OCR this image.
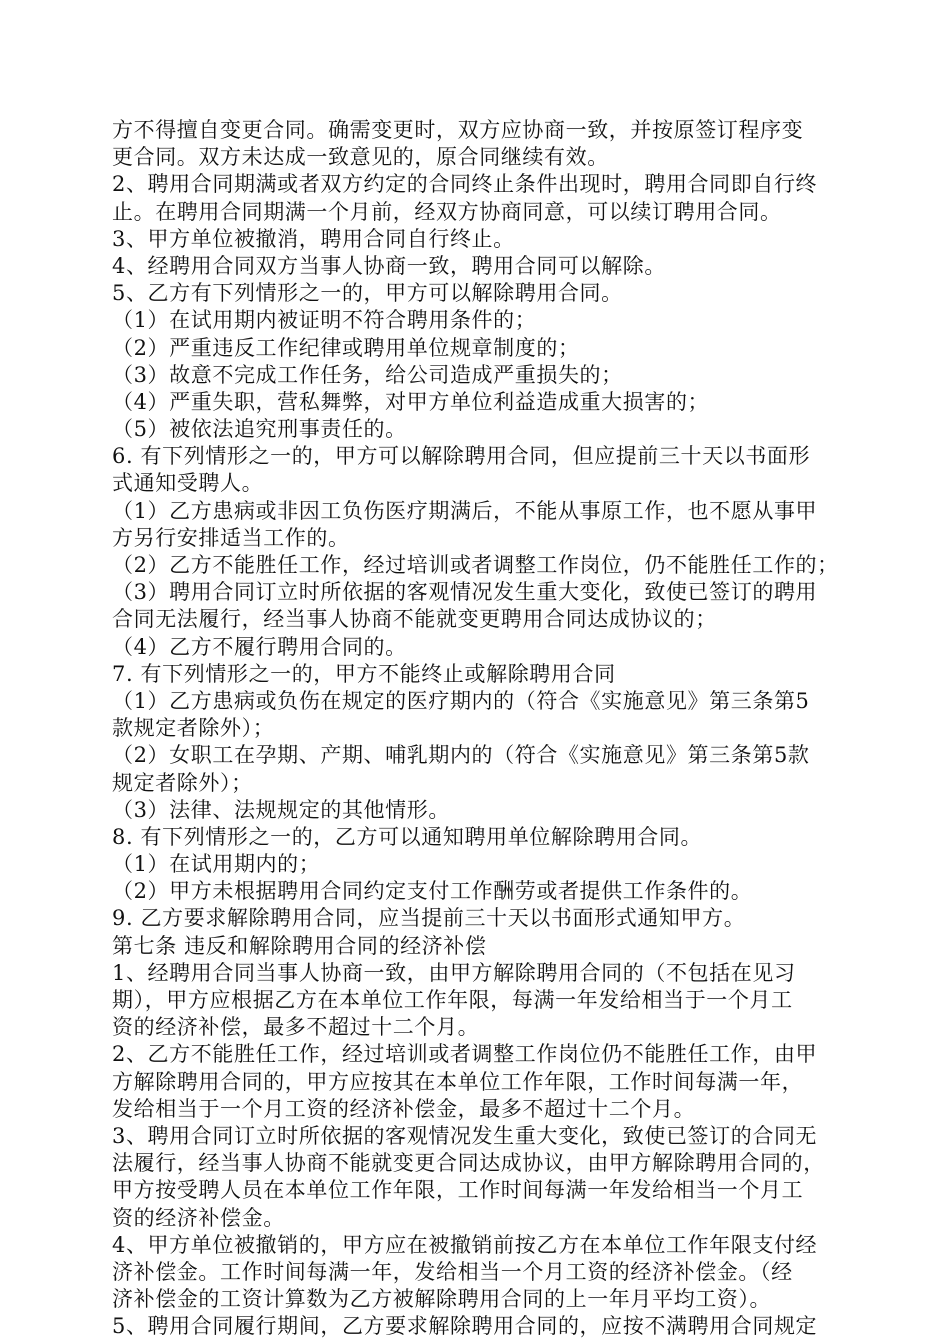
方不得擅自变更合同。确需变更时，双方应协商一致，并按原签订程序变
更合同。双方未达成一致意见的，原合同继续有效。
2、聘用合同期满或者双方约定的合同终止条件出现时，聘用合同即自行终
止。在聘用合同期满一个月前，经双方协商同意，可以续订聘用合同。
3、甲方单位被撤消，聘用合同自行终止。
4、经聘用合同双方当事人协商一致，聘用合同可以解除。
5、乙方有下列情形之一的，甲方可以解除聘用合同。
（1）在试用期内被证明不符合聘用条件的；
（2）严重违反工作纪律或聘用单位规章制度的；
（3）故意不完成工作任务，给公司造成严重损失的；
（4）严重失职，营私舞弊，对甲方单位利益造成重大损害的；
（5）被依法追究刑事责任的。
6. 有下列情形之一的，甲方可以解除聘用合同，但应提前三十天以书面形
式通知受聘人。
（1）乙方患病或非因工负伤医疗期满后，不能从事原工作，也不愿从事甲
方另行安排适当工作的。
（2）乙方不能胜任工作，经过培训或者调整工作岗位，仍不能胜任工作的；
（3）聘用合同订立时所依据的客观情况发生重大变化，致使已签订的聘用
合同无法履行，经当事人协商不能就变更聘用合同达成协议的；
（4）乙方不履行聘用合同的。
7. 有下列情形之一的，甲方不能终止或解除聘用合同
（1）乙方患病或负伤在规定的医疗期内的（符合《实施意见》第三条第5
款规定者除外）；
（2）女职工在孕期、产期、哺乳期内的（符合《实施意见》第三条第5款
规定者除外）；
（3）法律、法规规定的其他情形。
8. 有下列情形之一的，乙方可以通知聘用单位解除聘用合同。
（1）在试用期内的；
（2）甲方未根据聘用合同约定支付工作酬劳或者提供工作条件的。
9. 乙方要求解除聘用合同，应当提前三十天以书面形式通知甲方。
第七条 违反和解除聘用合同的经济补偿
1、经聘用合同当事人协商一致，由甲方解除聘用合同的（不包括在见习
期），甲方应根据乙方在本单位工作年限，每满一年发给相当于一个月工
资的经济补偿，最多不超过十二个月。
2、乙方不能胜任工作，经过培训或者调整工作岗位仍不能胜任工作，由甲
方解除聘用合同的，甲方应按其在本单位工作年限，工作时间每满一年，
发给相当于一个月工资的经济补偿金，最多不超过十二个月。
3、聘用合同订立时所依据的客观情况发生重大变化，致使已签订的合同无
法履行，经当事人协商不能就变更合同达成协议，由甲方解除聘用合同的，
甲方按受聘人员在本单位工作年限，工作时间每满一年发给相当一个月工
资的经济补偿金。
4、甲方单位被撤销的，甲方应在被撤销前按乙方在本单位工作年限支付经
济补偿金。工作时间每满一年，发给相当一个月工资的经济补偿金。（经
济补偿金的工资计算数为乙方被解除聘用合同的上一年月平均工资）。
5、聘用合同履行期间，乙方要求解除聘用合同的，应按不满聘用合同规定
